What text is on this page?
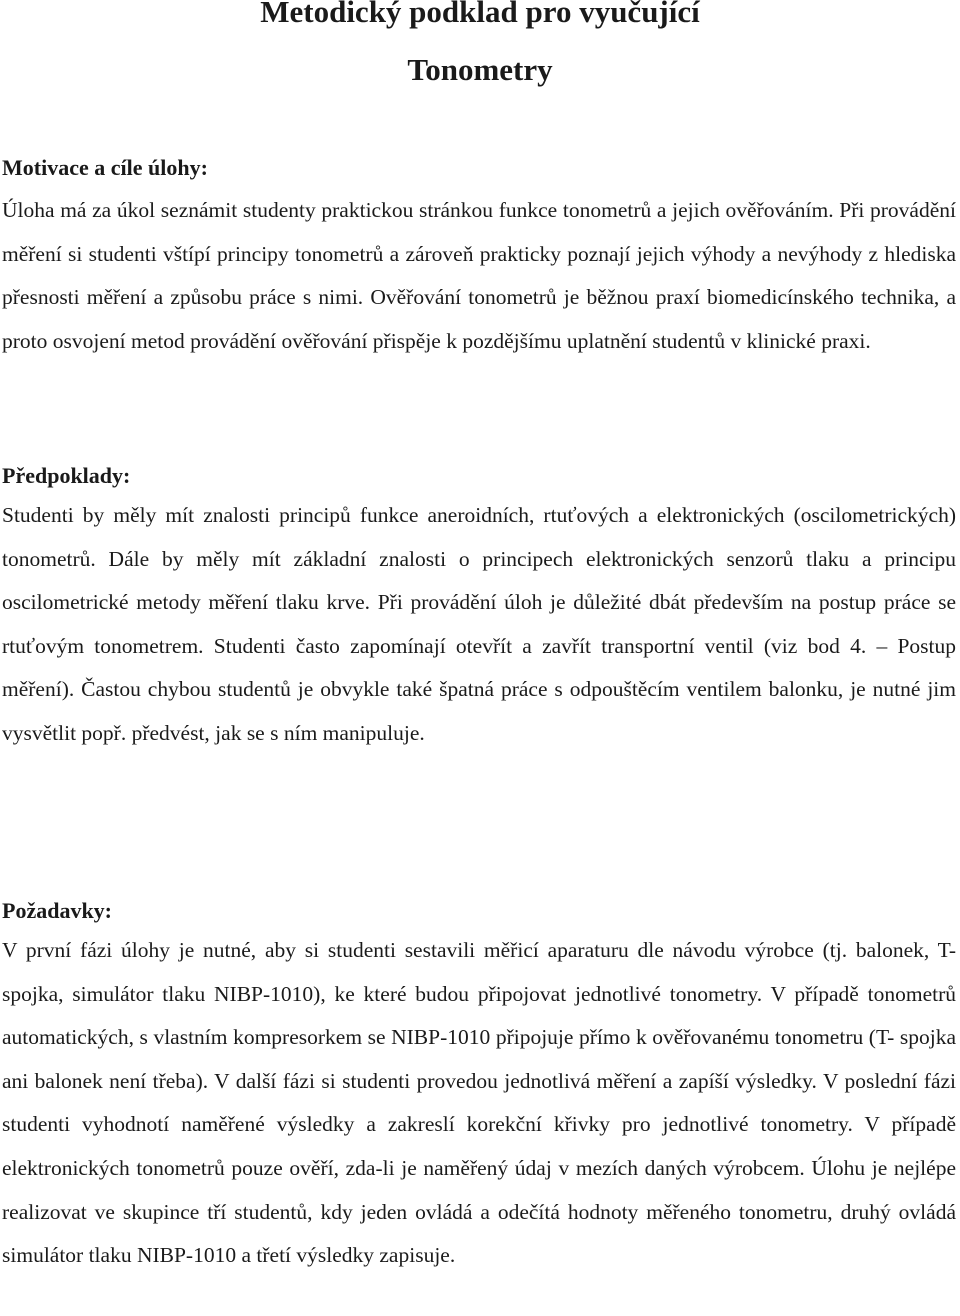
Metodický podklad pro vyučující
Tonometry
Motivace a cíle úlohy:

Úloha má za úkol seznámit studenty praktickou stránkou funkce tonometrů a jejich ověřováním. Při provádění měření si studenti vštípí principy tonometrů a zároveň prakticky poznají jejich výhody a nevýhody z hlediska přesnosti měření a způsobu práce s nimi. Ověřování tonometrů je běžnou praxí biomedicínského technika, a proto osvojení metod provádění ověřování přispěje k pozdějšímu uplatnění studentů v klinické praxi.

Předpoklady:

Studenti by měly mít znalosti principů funkce aneroidních, rtuťových a elektronických (oscilometrických) tonometrů. Dále by měly mít základní znalosti o principech elektronických senzorů tlaku a principu oscilometrické metody měření tlaku krve. Při provádění úloh je důležité dbát především na postup práce se rtuťovým tonometrem. Studenti často zapomínají otevřít a zavřít transportní ventil (viz bod 4. – Postup měření). Častou chybou studentů je obvykle také špatná práce s odpouštěcím ventilem balonku, je nutné jim vysvětlit popř. předvést, jak se s ním manipuluje.

Požadavky:

V první fázi úlohy je nutné, aby si studenti sestavili měřicí aparaturu dle návodu výrobce (tj. balonek, T- spojka, simulátor tlaku NIBP-1010), ke které budou připojovat jednotlivé tonometry. V případě tonometrů automatických, s vlastním kompresorkem se NIBP-1010 připojuje přímo k ověřovanému tonometru (T- spojka ani balonek není třeba). V další fázi si studenti provedou jednotlivá měření a zapíší výsledky. V poslední fázi studenti vyhodnotí naměřené výsledky a zakreslí korekční křivky pro jednotlivé tonometry. V případě elektronických tonometrů pouze ověří, zda-li je naměřený údaj v mezích daných výrobcem. Úlohu je nejlépe realizovat ve skupince tří studentů, kdy jeden ovládá a odečítá hodnoty měřeného tonometru, druhý ovládá simulátor tlaku NIBP-1010 a třetí výsledky zapisuje.
